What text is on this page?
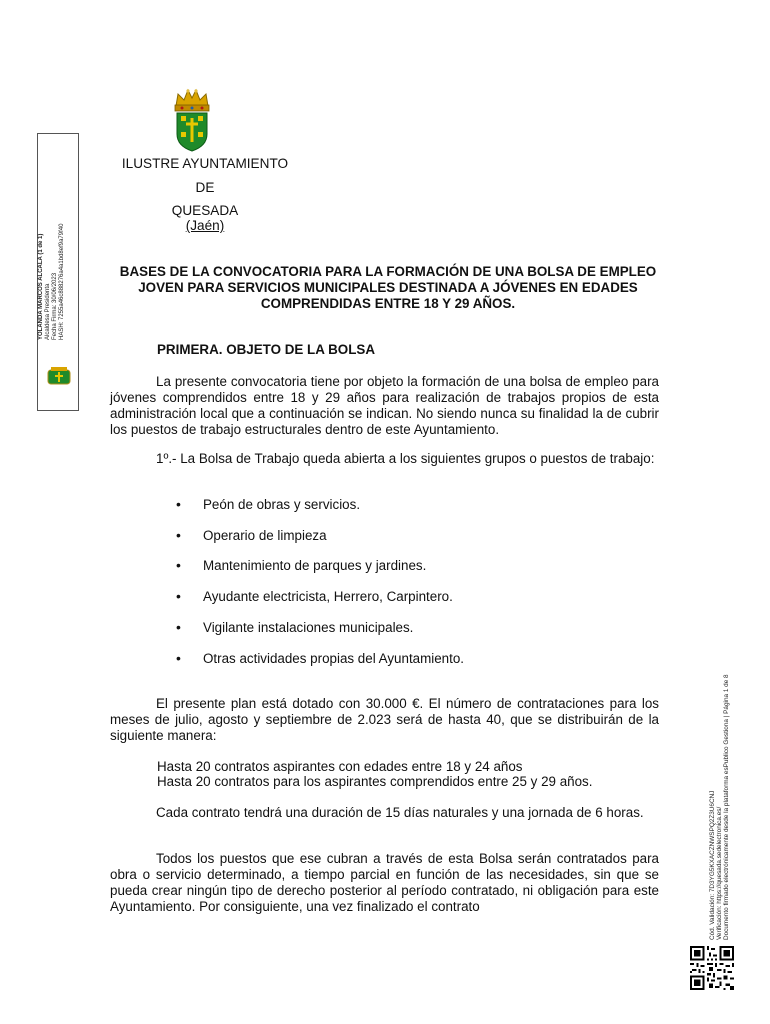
ILUSTRE AYUNTAMIENTO
DE
QUESADA
(Jaén)
YOLANDA MARCOS ALCALA (1 de 1) Alcaldesa Presidenta Fecha Firma: 30/06/2023 HASH: 7255a46c888276a4a1bd8ef9a79f40	BASES DE LA CONVOCATORIA PARA LA FORMACIÓN DE UNA BOLSA DE EMPLEO JOVEN PARA SERVICIOS MUNICIPALES DESTINADA A JÓVENES EN EDADES COMPRENDIDAS ENTRE 18 Y 29 AÑOS.
PRIMERA. OBJETO DE LA BOLSA
La presente convocatoria tiene por objeto la formación de una bolsa de empleo para jóvenes comprendidos entre 18 y 29 años para realización de trabajos propios de esta administración local que a continuación se indican. No siendo nunca su finalidad la de cubrir los puestos de trabajo estructurales dentro de este Ayuntamiento.
1º.- La Bolsa de Trabajo queda abierta a los siguientes grupos o puestos de trabajo:
• Peón de obras y servicios.
• Operario de limpieza
• Mantenimiento de parques y jardines.
• Ayudante electricista, Herrero, Carpintero.
• Vigilante instalaciones municipales.
• Otras actividades propias del Ayuntamiento.
El presente plan está dotado con 30.000 €. El número de contrataciones para los meses de julio, agosto y septiembre de 2.023 será de hasta 40, que se distribuirán de la siguiente manera:
Hasta 20 contratos aspirantes con edades entre 18 y 24 años
Hasta 20 contratos para los aspirantes comprendidos entre 25 y 29 años.
Cada contrato tendrá una duración de 15 días naturales y una jornada de 6 horas.
Todos los puestos que ese cubran a través de esta Bolsa serán contratados para obra o servicio determinado, a tiempo parcial en función de las necesidades, sin que se pueda crear ningún tipo de derecho posterior al período contratado, ni obligación para este Ayuntamiento. Por consiguiente, una vez finalizado el contrato	Cód. Validación: 7D3YG5KXACZNWSPQ2Z3U6CNJ Verificación: https://quesada.sedelectronica.es/ Documento firmado electrónicamente desde la plataforma esPublico Gestiona | Página 1 de 8
